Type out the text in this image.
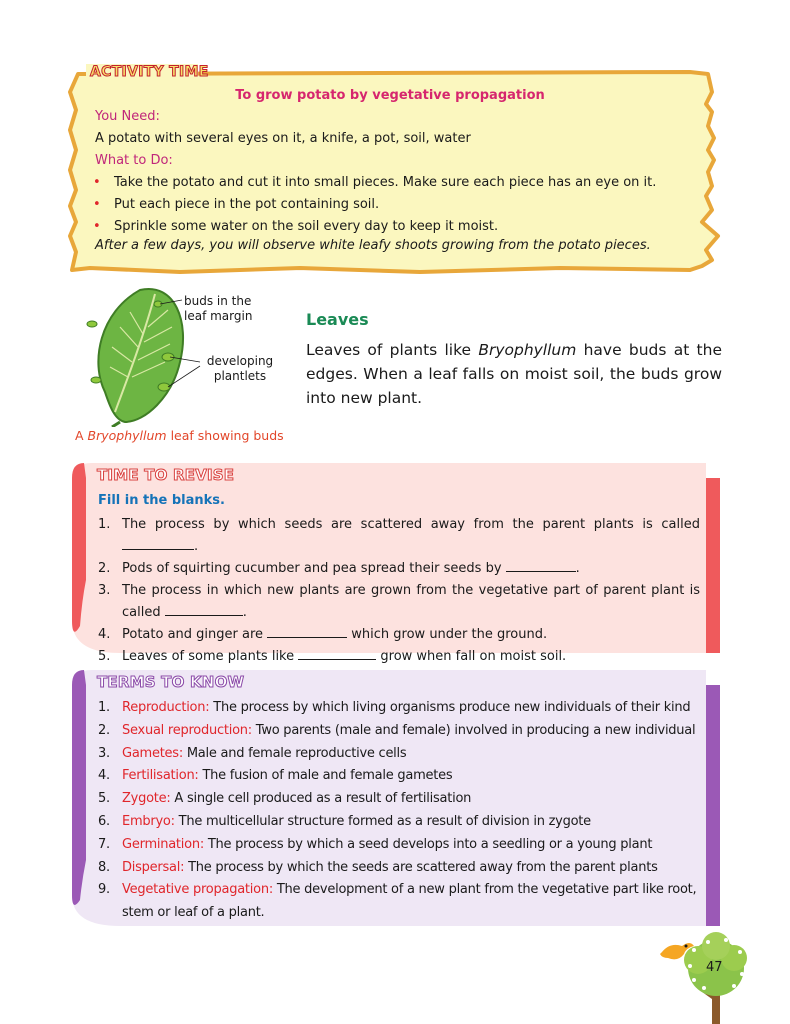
ACTIVITY TIME
To grow potato by vegetative propagation
You Need:
A potato with several eyes on it, a knife, a pot, soil, water
What to Do:
• Take the potato and cut it into small pieces. Make sure each piece has an eye on it.
• Put each piece in the pot containing soil.
• Sprinkle some water on the soil every day to keep it moist.
After a few days, you will observe white leafy shoots growing from the potato pieces.
buds in the
leaf margin
developing
plantlets
A Bryophyllum leaf showing buds
Leaves
Leaves of plants like Bryophyllum have buds at the edges. When a leaf falls on moist soil, the buds grow into new plant.
TIME TO REVISE
Fill in the blanks.
1. The process by which seeds are scattered away from the parent plants is called .
2. Pods of squirting cucumber and pea spread their seeds by	.
3. The process in which new plants are grown from the vegetative part of parent plant is called	.
4. Potato and ginger are	which grow under the ground.
5. Leaves of some plants like	grow when fall on moist soil.
TERMS TO KNOW
1. Reproduction: The process by which living organisms produce new individuals of their kind
2. Sexual reproduction: Two parents (male and female) involved in producing a new individual
3. Gametes: Male and female reproductive cells
4. Fertilisation: The fusion of male and female gametes
5. Zygote: A single cell produced as a result of fertilisation
6. Embryo: The multicellular structure formed as a result of division in zygote
7. Germination: The process by which a seed develops into a seedling or a young plant
8. Dispersal: The process by which the seeds are scattered away from the parent plants
9. Vegetative propagation: The development of a new plant from the vegetative part like root, stem or leaf of a plant.
47
